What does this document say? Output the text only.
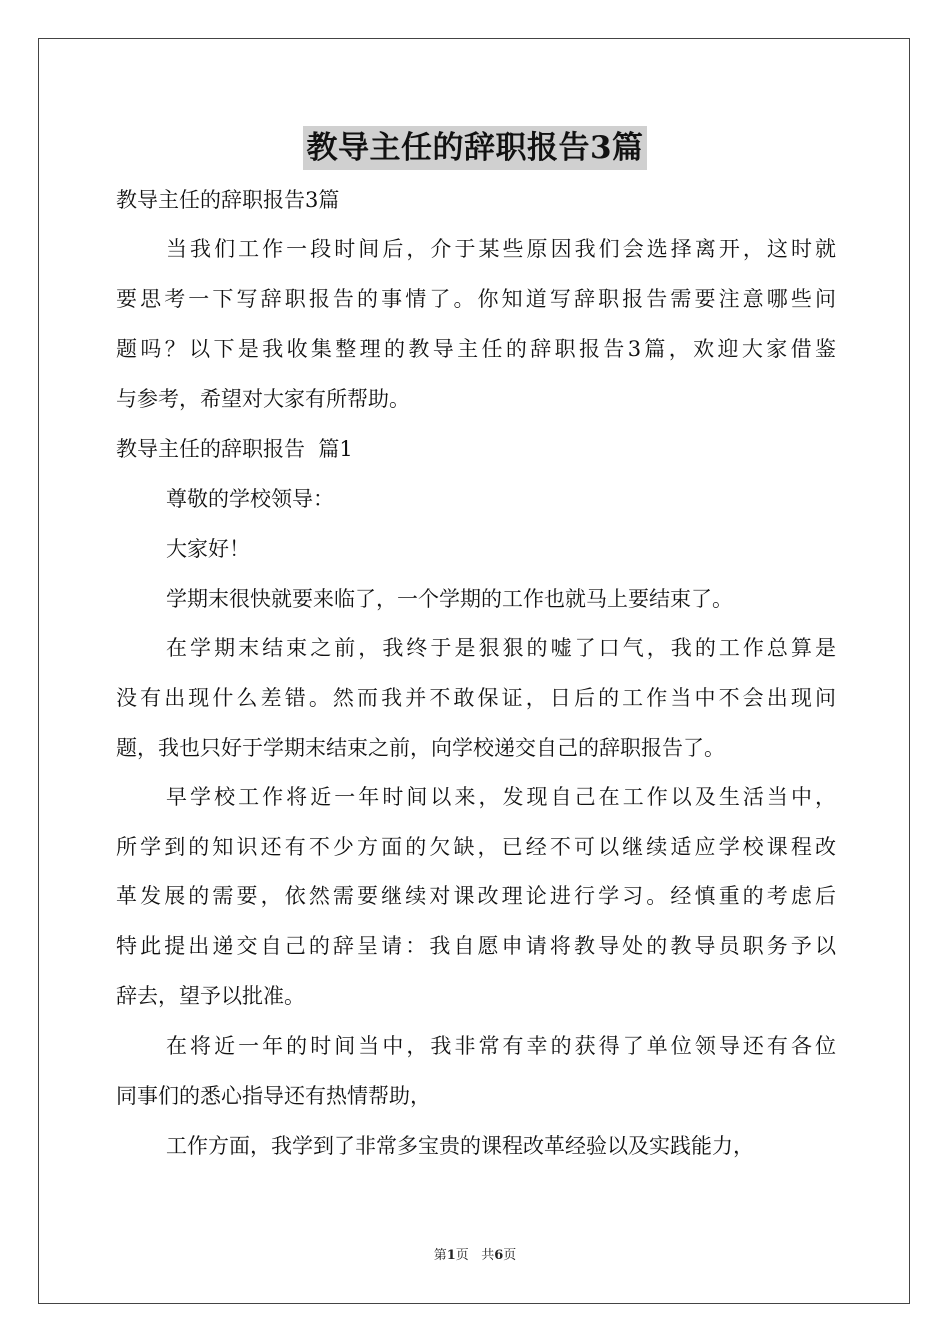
教导主任的辞职报告3篇
教导主任的辞职报告3篇
当我们工作一段时间后，介于某些原因我们会选择离开，这时就
要思考一下写辞职报告的事情了。你知道写辞职报告需要注意哪些问
题吗？以下是我收集整理的教导主任的辞职报告3篇，欢迎大家借鉴
与参考，希望对大家有所帮助。
教导主任的辞职报告  篇1
尊敬的学校领导：
大家好！
学期末很快就要来临了，一个学期的工作也就马上要结束了。
在学期末结束之前，我终于是狠狠的嘘了口气，我的工作总算是
没有出现什么差错。然而我并不敢保证，日后的工作当中不会出现问
题，我也只好于学期末结束之前，向学校递交自己的辞职报告了。
早学校工作将近一年时间以来，发现自己在工作以及生活当中，
所学到的知识还有不少方面的欠缺，已经不可以继续适应学校课程改
革发展的需要，依然需要继续对课改理论进行学习。经慎重的考虑后
特此提出递交自己的辞呈请：我自愿申请将教导处的教导员职务予以
辞去，望予以批准。
在将近一年的时间当中，我非常有幸的获得了单位领导还有各位
同事们的悉心指导还有热情帮助，
工作方面，我学到了非常多宝贵的课程改革经验以及实践能力，
第1页 共6页
